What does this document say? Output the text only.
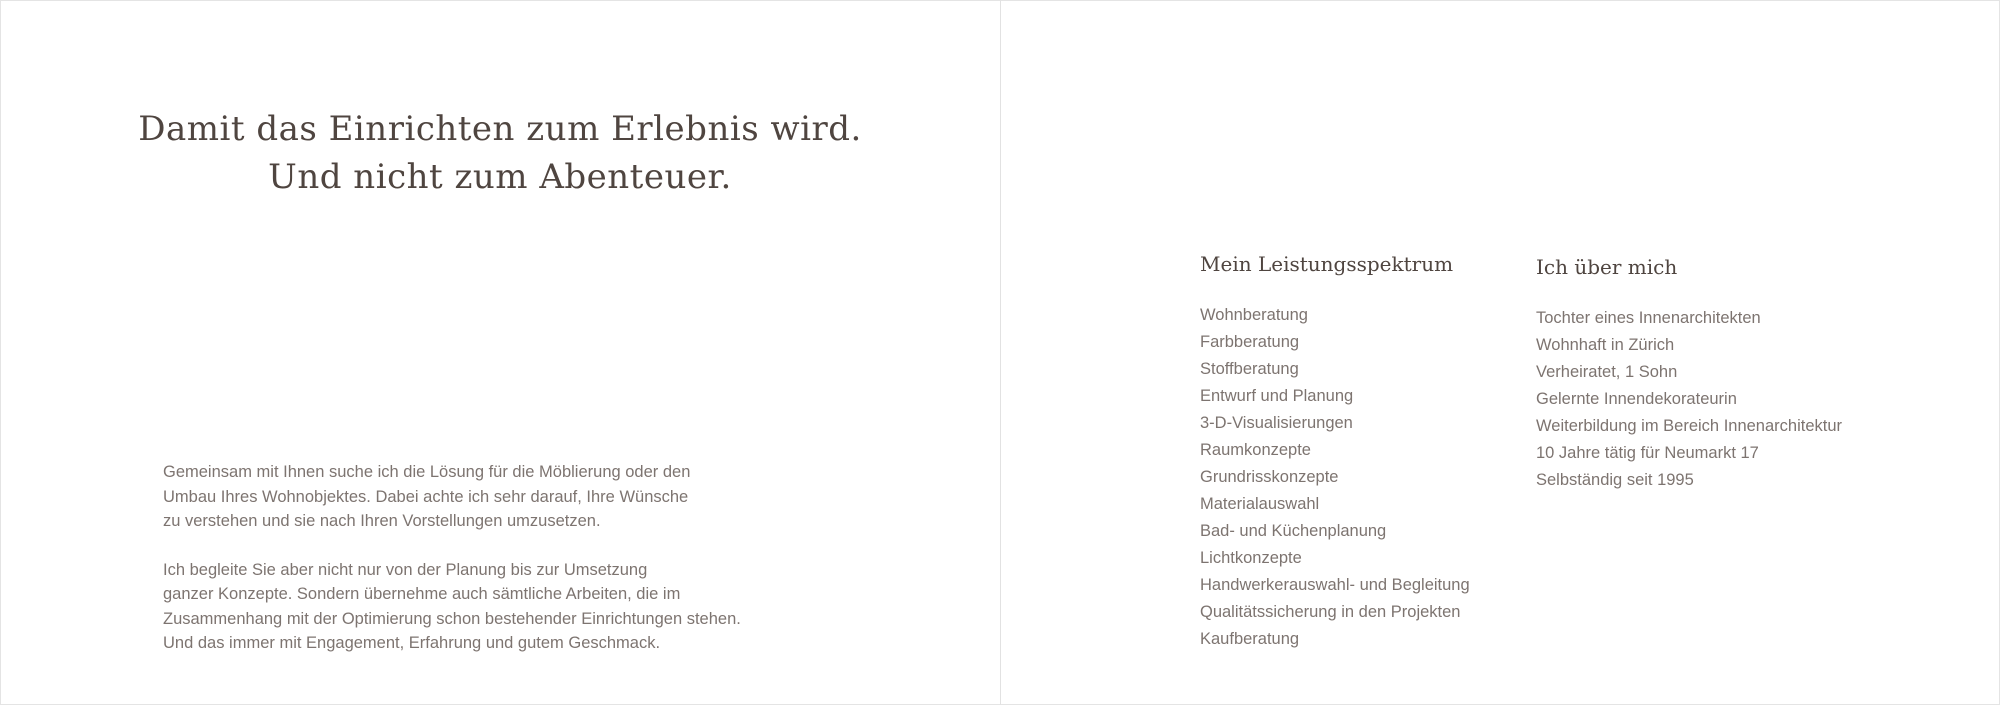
Damit das Einrichten zum Erlebnis wird.
Und nicht zum Abenteuer.

Gemeinsam mit Ihnen suche ich die Lösung für die Möblierung oder den
Umbau Ihres Wohnobjektes. Dabei achte ich sehr darauf, Ihre Wünsche
zu verstehen und sie nach Ihren Vorstellungen umzusetzen.

Ich begleite Sie aber nicht nur von der Planung bis zur Umsetzung
ganzer Konzepte. Sondern übernehme auch sämtliche Arbeiten, die im
Zusammenhang mit der Optimierung schon bestehender Einrichtungen stehen.
Und das immer mit Engagement, Erfahrung und gutem Geschmack.

Mein Leistungsspektrum
Wohnberatung
Farbberatung
Stoffberatung
Entwurf und Planung
3-D-Visualisierungen
Raumkonzepte
Grundrisskonzepte
Materialauswahl
Bad- und Küchenplanung
Lichtkonzepte
Handwerkerauswahl- und Begleitung
Qualitätssicherung in den Projekten
Kaufberatung
Ich über mich
Tochter eines Innenarchitekten
Wohnhaft in Zürich
Verheiratet, 1 Sohn
Gelernte Innendekorateurin
Weiterbildung im Bereich Innenarchitektur
10 Jahre tätig für Neumarkt 17
Selbständig seit 1995
